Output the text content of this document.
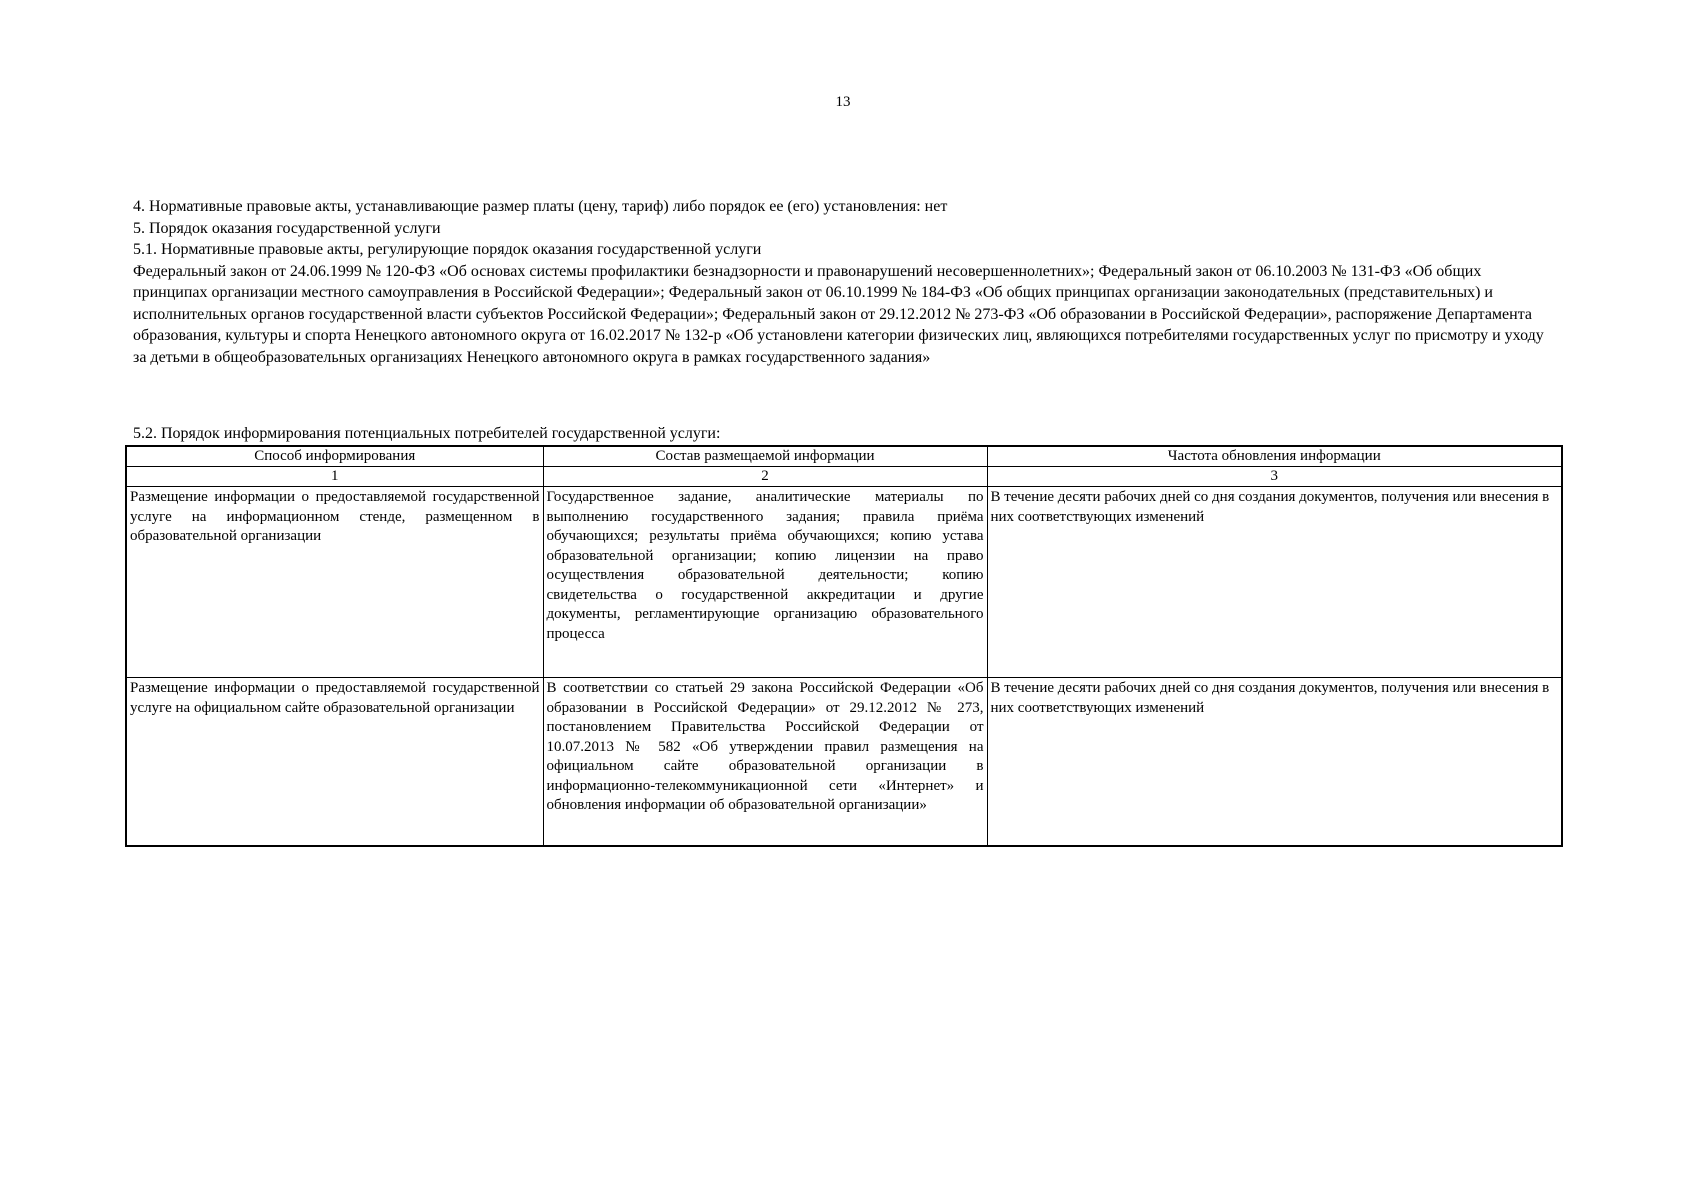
13

4. Нормативные правовые акты, устанавливающие размер платы (цену, тариф) либо порядок ее (его) установления: нет

5. Порядок оказания государственной услуги

5.1. Нормативные правовые акты, регулирующие порядок оказания государственной услуги

Федеральный закон от 24.06.1999 № 120-ФЗ «Об основах системы профилактики безнадзорности и правонарушений несовершеннолетних»; Федеральный закон от 06.10.2003 № 131-ФЗ «Об общих принципах организации местного самоуправления в Российской Федерации»; Федеральный закон от 06.10.1999 № 184-ФЗ «Об общих принципах организации законодательных (представительных) и исполнительных органов государственной власти субъектов Российской Федерации»; Федеральный закон от 29.12.2012 № 273-ФЗ «Об образовании в Российской Федерации», распоряжение Департамента образования, культуры и спорта Ненецкого автономного округа от 16.02.2017 № 132-р «Об установлени категории физических лиц, являющихся потребителями государственных услуг по присмотру и уходу за детьми в общеобразовательных организациях Ненецкого автономного округа в рамках государственного задания»

5.2. Порядок информирования потенциальных потребителей государственной услуги:
Способ информирования	Состав размещаемой информации	Частота обновления информации
1	2	3
Размещение информации о предоставляемой государственной услуге на информационном стенде, размещенном в образовательной организации	Государственное задание, аналитические материалы по выполнению государственного задания; правила приёма обучающихся; результаты приёма обучающихся; копию устава образовательной организации; копию лицензии на право осуществления образовательной деятельности; копию свидетельства о государственной аккредитации и другие документы, регламентирующие организацию образовательного процесса	В течение десяти рабочих дней со дня создания документов, получения или внесения в них соответствующих изменений
Размещение информации о предоставляемой государственной услуге на официальном сайте образовательной организации	В соответствии со статьей 29 закона Российской Федерации «Об образовании в Российской Федерации» от 29.12.2012 № 273, постановлением Правительства Российской Федерации от 10.07.2013 № 582 «Об утверждении правил размещения на официальном сайте образовательной организации в информационно-телекоммуникационной сети «Интернет» и обновления информации об образовательной организации»	В течение десяти рабочих дней со дня создания документов, получения или внесения в них соответствующих изменений
